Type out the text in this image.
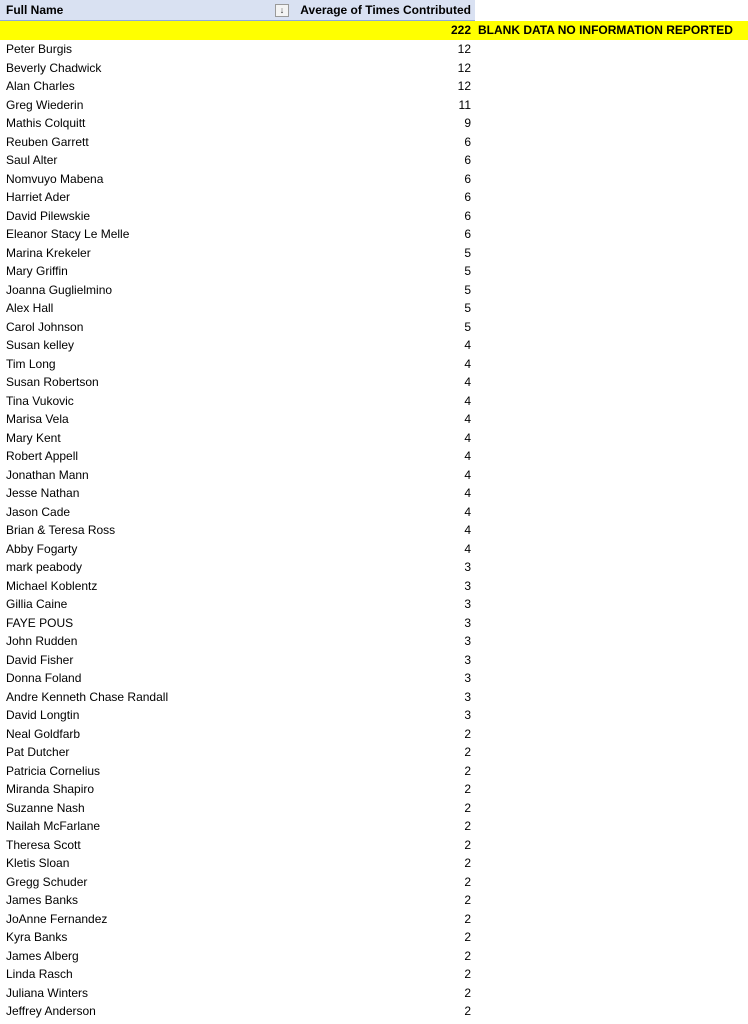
Full Name	Average of Times Contributed
↓
222 BLANK DATA NO INFORMATION REPORTED
Peter Burgis	12
Beverly Chadwick	12
Alan Charles	12
Greg Wiederin	11
Mathis Colquitt	9
Reuben Garrett	6
Saul Alter	6
Nomvuyo Mabena	6
Harriet Ader	6
David Pilewskie	6
Eleanor Stacy Le Melle	6
Marina Krekeler	5
Mary Griffin	5
Joanna Guglielmino	5
Alex Hall	5
Carol Johnson	5
Susan kelley	4
Tim Long	4
Susan Robertson	4
Tina Vukovic	4
Marisa Vela	4
Mary Kent	4
Robert Appell	4
Jonathan Mann	4
Jesse Nathan	4
Jason Cade	4
Brian & Teresa Ross	4
Abby Fogarty	4
mark peabody	3
Michael Koblentz	3
Gillia Caine	3
FAYE POUS	3
John Rudden	3
David Fisher	3
Donna Foland	3
Andre Kenneth Chase Randall	3
David Longtin	3
Neal Goldfarb	2
Pat Dutcher	2
Patricia Cornelius	2
Miranda Shapiro	2
Suzanne Nash	2
Nailah McFarlane	2
Theresa Scott	2
Kletis Sloan	2
Gregg Schuder	2
James Banks	2
JoAnne Fernandez	2
Kyra Banks	2
James Alberg	2
Linda Rasch	2
Juliana Winters	2
Jeffrey Anderson	2
